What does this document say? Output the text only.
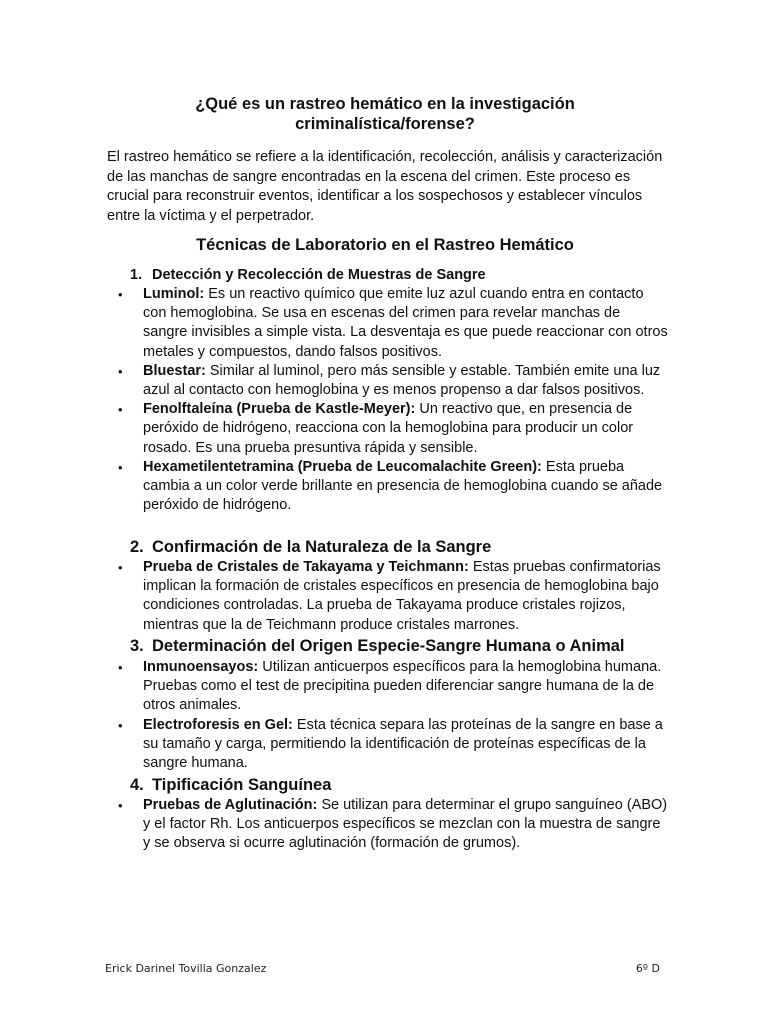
¿Qué es un rastreo hemático en la investigación criminalística/forense?
El rastreo hemático se refiere a la identificación, recolección, análisis y caracterización de las manchas de sangre encontradas en la escena del crimen. Este proceso es crucial para reconstruir eventos, identificar a los sospechosos y establecer vínculos entre la víctima y el perpetrador.
Técnicas de Laboratorio en el Rastreo Hemático
1. Detección y Recolección de Muestras de Sangre
• Luminol: Es un reactivo químico que emite luz azul cuando entra en contacto con hemoglobina. Se usa en escenas del crimen para revelar manchas de sangre invisibles a simple vista. La desventaja es que puede reaccionar con otros metales y compuestos, dando falsos positivos.
• Bluestar: Similar al luminol, pero más sensible y estable. También emite una luz azul al contacto con hemoglobina y es menos propenso a dar falsos positivos.
• Fenolftaleína (Prueba de Kastle-Meyer): Un reactivo que, en presencia de peróxido de hidrógeno, reacciona con la hemoglobina para producir un color rosado. Es una prueba presuntiva rápida y sensible.
• Hexametilentetramina (Prueba de Leucomalachite Green): Esta prueba cambia a un color verde brillante en presencia de hemoglobina cuando se añade peróxido de hidrógeno.
2. Confirmación de la Naturaleza de la Sangre
• Prueba de Cristales de Takayama y Teichmann: Estas pruebas confirmatorias implican la formación de cristales específicos en presencia de hemoglobina bajo condiciones controladas. La prueba de Takayama produce cristales rojizos, mientras que la de Teichmann produce cristales marrones.
3. Determinación del Origen Especie-Sangre Humana o Animal
• Inmunoensayos: Utilizan anticuerpos específicos para la hemoglobina humana. Pruebas como el test de precipitina pueden diferenciar sangre humana de la de otros animales.
• Electroforesis en Gel: Esta técnica separa las proteínas de la sangre en base a su tamaño y carga, permitiendo la identificación de proteínas específicas de la sangre humana.
4. Tipificación Sanguínea
• Pruebas de Aglutinación: Se utilizan para determinar el grupo sanguíneo (ABO) y el factor Rh. Los anticuerpos específicos se mezclan con la muestra de sangre y se observa si ocurre aglutinación (formación de grumos).
Erick Darinel Tovilla Gonzalez	6º D
